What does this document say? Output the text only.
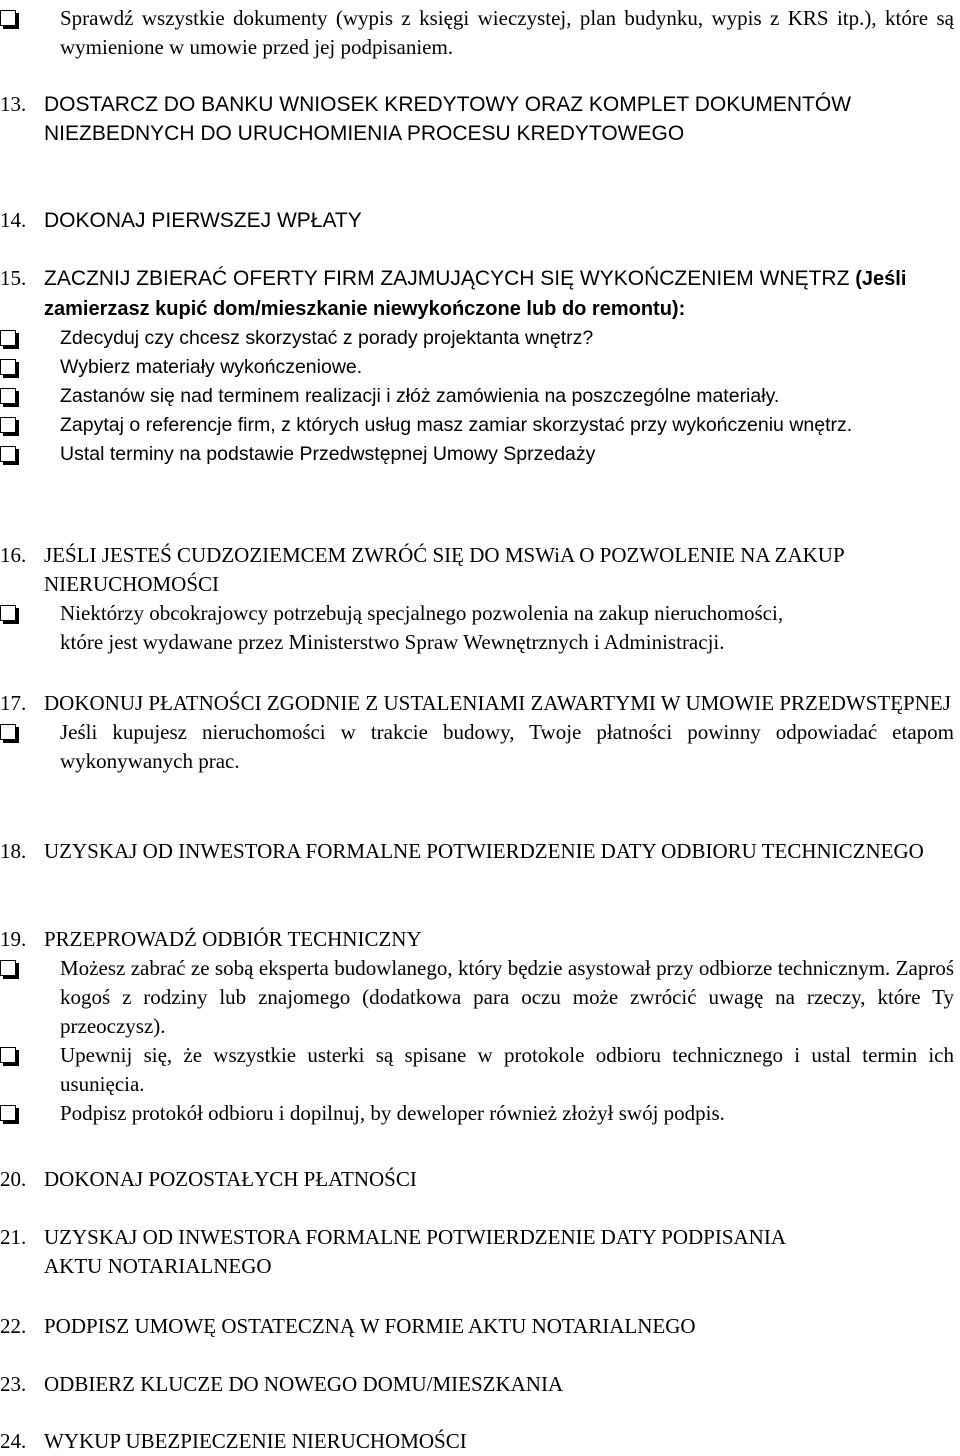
Sprawdź wszystkie dokumenty (wypis z księgi wieczystej, plan budynku, wypis z KRS itp.), które są wymienione w umowie przed jej podpisaniem.
13. DOSTARCZ DO BANKU WNIOSEK KREDYTOWY ORAZ KOMPLET DOKUMENTÓW NIEZBEDNYCH DO URUCHOMIENIA PROCESU KREDYTOWEGO
14. DOKONAJ PIERWSZEJ WPŁATY
15. ZACZNIJ ZBIERAĆ OFERTY FIRM ZAJMUJĄCYCH SIĘ WYKOŃCZENIEM WNĘTRZ (Jeśli zamierzasz kupić dom/mieszkanie niewykończone lub do remontu):
Zdecyduj czy chcesz skorzystać z porady projektanta wnętrz?
Wybierz materiały wykończeniowe.
Zastanów się nad terminem realizacji i złóż zamówienia na poszczególne materiały.
Zapytaj o referencje firm, z których usług masz zamiar skorzystać przy wykończeniu wnętrz.
Ustal terminy na podstawie Przedwstępnej Umowy Sprzedaży
16. JEŚLI JESTEŚ CUDZOZIEMCEM ZWRÓĆ SIĘ DO MSWiA O POZWOLENIE NA ZAKUP NIERUCHOMOŚCI
Niektórzy obcokrajowcy potrzebują specjalnego pozwolenia na zakup nieruchomości,
które jest wydawane przez Ministerstwo Spraw Wewnętrznych i Administracji.
17. DOKONUJ PŁATNOŚCI ZGODNIE Z USTALENIAMI ZAWARTYMI W UMOWIE PRZEDWSTĘPNEJ
Jeśli kupujesz nieruchomości w trakcie budowy, Twoje płatności powinny odpowiadać etapom wykonywanych prac.
18. UZYSKAJ OD INWESTORA FORMALNE POTWIERDZENIE DATY ODBIORU TECHNICZNEGO
19. PRZEPROWADŹ ODBIÓR TECHNICZNY
Możesz zabrać ze sobą eksperta budowlanego, który będzie asystował przy odbiorze technicznym. Zaproś kogoś z rodziny lub znajomego (dodatkowa para oczu może zwrócić uwagę na rzeczy, które Ty przeoczysz).
Upewnij się, że wszystkie usterki są spisane w protokole odbioru technicznego i ustal termin ich usunięcia.
Podpisz protokół odbioru i dopilnuj, by deweloper również złożył swój podpis.
20. DOKONAJ POZOSTAŁYCH PŁATNOŚCI
21. UZYSKAJ OD INWESTORA FORMALNE POTWIERDZENIE DATY PODPISANIA AKTU NOTARIALNEGO
22. PODPISZ UMOWĘ OSTATECZNĄ W FORMIE AKTU NOTARIALNEGO
23. ODBIERZ KLUCZE DO NOWEGO DOMU/MIESZKANIA
24. WYKUP UBEZPIECZENIE NIERUCHOMOŚCI
